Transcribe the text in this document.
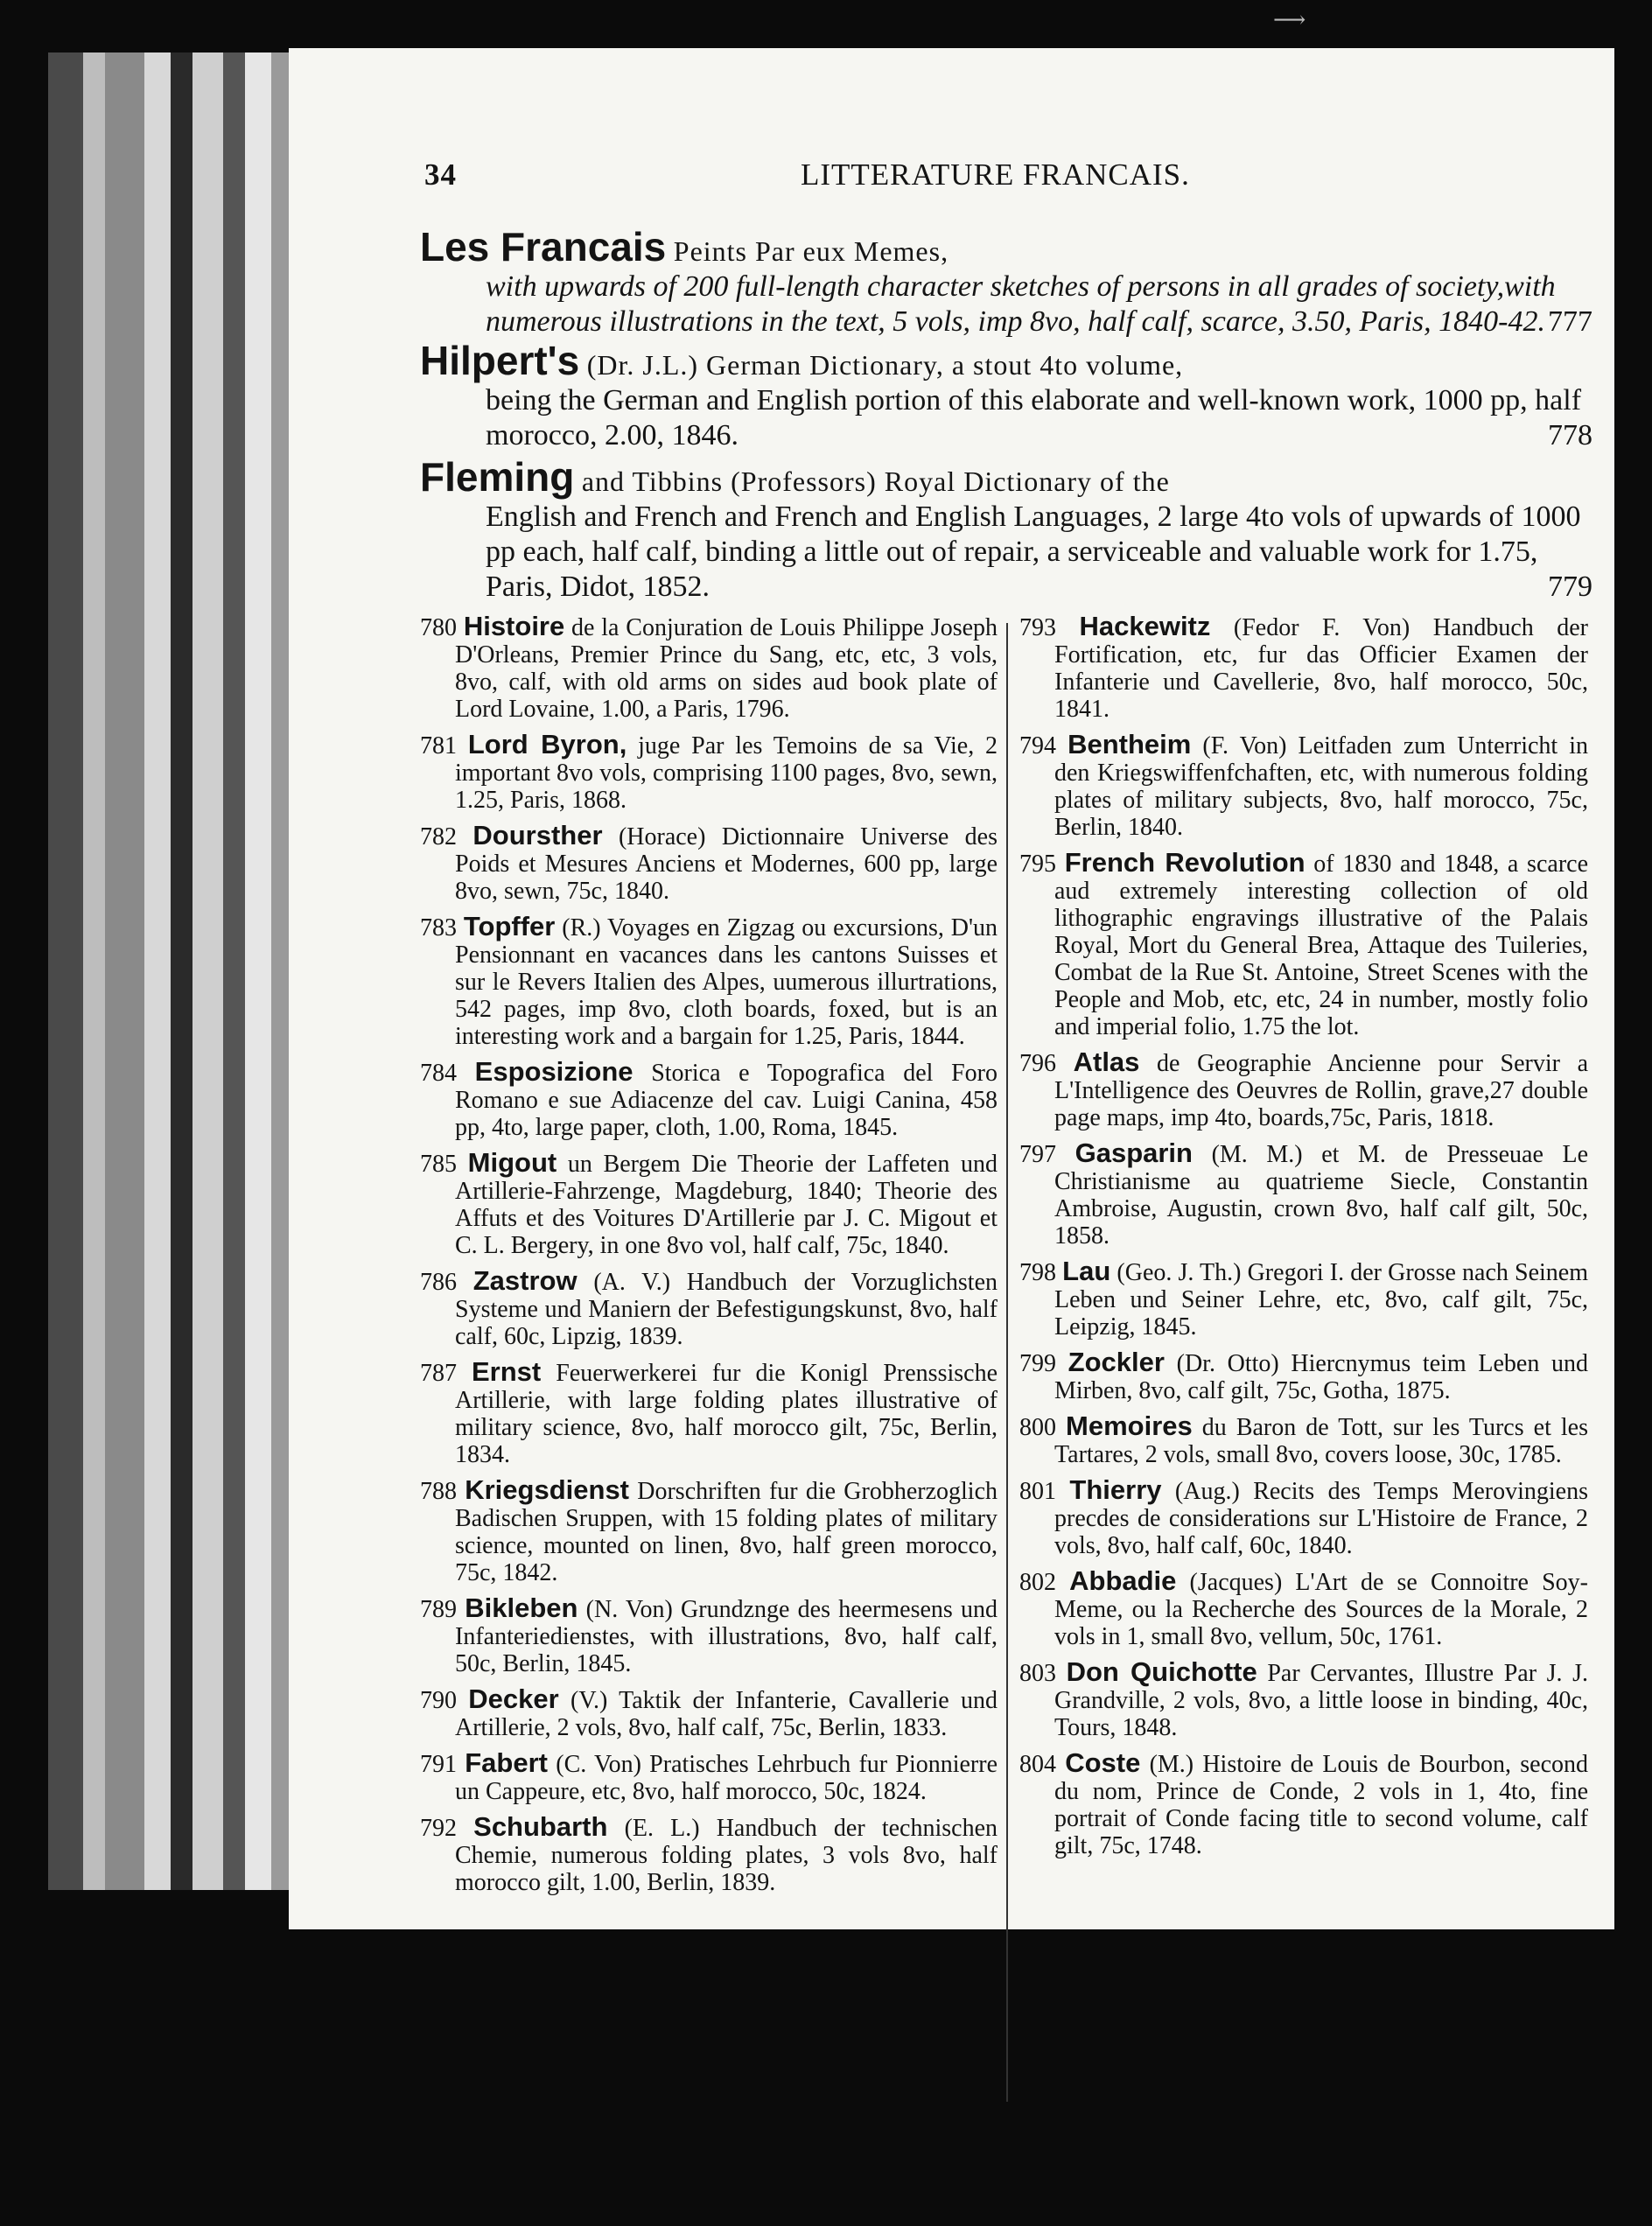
⟶
34	LITTERATURE FRANCAIS.
Les Francais Peints Par eux Memes,
with upwards of 200 full-length character sketches of persons in all grades of society,with numerous illustrations in the text, 5 vols, imp 8vo, half calf, scarce, 3.50, Paris, 1840-42. 777
Hilpert's (Dr. J.L.) German Dictionary, a stout 4to volume,
being the German and English portion of this elaborate and well-known work, 1000 pp, half morocco, 2.00, 1846.	778
Fleming and Tibbins (Professors) Royal Dictionary of the
English and French and French and English Languages, 2 large 4to vols of upwards of 1000 pp each, half calf, binding a little out of repair, a serviceable and valuable work for 1.75, Paris, Didot, 1852.	779
780 Histoire de la Conjuration de Louis Philippe Joseph D'Orleans, Premier Prince du Sang, etc, etc, 3 vols, 8vo, calf, with old arms on sides aud book plate of Lord Lovaine, 1.00, a Paris, 1796.
781 Lord Byron, juge Par les Temoins de sa Vie, 2 important 8vo vols, comprising 1100 pages, 8vo, sewn, 1.25, Paris, 1868.
782 Doursther (Horace) Dictionnaire Universe des Poids et Mesures Anciens et Modernes, 600 pp, large 8vo, sewn, 75c, 1840.
783 Topffer (R.) Voyages en Zigzag ou excursions, D'un Pensionnant en vacances dans les cantons Suisses et sur le Revers Italien des Alpes, uumerous illurtrations, 542 pages, imp 8vo, cloth boards, foxed, but is an interesting work and a bargain for 1.25, Paris, 1844.
784 Esposizione Storica e Topografica del Foro Romano e sue Adiacenze del cav. Luigi Canina, 458 pp, 4to, large paper, cloth, 1.00, Roma, 1845.
785 Migout un Bergem Die Theorie der Laffeten und Artillerie-Fahrzenge, Magdeburg, 1840; Theorie des Affuts et des Voitures D'Artillerie par J. C. Migout et C. L. Bergery, in one 8vo vol, half calf, 75c, 1840.
786 Zastrow (A. V.) Handbuch der Vorzuglichsten Systeme und Maniern der Befestigungskunst, 8vo, half calf, 60c, Lipzig, 1839.
787 Ernst Feuerwerkerei fur die Konigl Prenssische Artillerie, with large folding plates illustrative of military science, 8vo, half morocco gilt, 75c, Berlin, 1834.
788 Kriegsdienst Dorschriften fur die Grobherzoglich Badischen Sruppen, with 15 folding plates of military science, mounted on linen, 8vo, half green morocco, 75c, 1842.
789 Bikleben (N. Von) Grundznge des heermesens und Infanteriedienstes, with illustrations, 8vo, half calf, 50c, Berlin, 1845.
790 Decker (V.) Taktik der Infanterie, Cavallerie und Artillerie, 2 vols, 8vo, half calf, 75c, Berlin, 1833.
791 Fabert (C. Von) Pratisches Lehrbuch fur Pionnierre un Cappeure, etc, 8vo, half morocco, 50c, 1824.
792 Schubarth (E. L.) Handbuch der technischen Chemie, numerous folding plates, 3 vols 8vo, half morocco gilt, 1.00, Berlin, 1839.
793 Hackewitz (Fedor F. Von) Handbuch der Fortification, etc, fur das Officier Examen der Infanterie und Cavellerie, 8vo, half morocco, 50c, 1841.
794 Bentheim (F. Von) Leitfaden zum Unterricht in den Kriegswiffenfchaften, etc, with numerous folding plates of military subjects, 8vo, half morocco, 75c, Berlin, 1840.
795 French Revolution of 1830 and 1848, a scarce aud extremely interesting collection of old lithographic engravings illustrative of the Palais Royal, Mort du General Brea, Attaque des Tuileries, Combat de la Rue St. Antoine, Street Scenes with the People and Mob, etc, etc, 24 in number, mostly folio and imperial folio, 1.75 the lot.
796 Atlas de Geographie Ancienne pour Servir a L'Intelligence des Oeuvres de Rollin, grave,27 double page maps, imp 4to, boards,75c, Paris, 1818.
797 Gasparin (M. M.) et M. de Presseuae Le Christianisme au quatrieme Siecle, Constantin Ambroise, Augustin, crown 8vo, half calf gilt, 50c, 1858.
798 Lau (Geo. J. Th.) Gregori I. der Grosse nach Seinem Leben und Seiner Lehre, etc, 8vo, calf gilt, 75c, Leipzig, 1845.
799 Zockler (Dr. Otto) Hiercnymus teim Leben und Mirben, 8vo, calf gilt, 75c, Gotha, 1875.
800 Memoires du Baron de Tott, sur les Turcs et les Tartares, 2 vols, small 8vo, covers loose, 30c, 1785.
801 Thierry (Aug.) Recits des Temps Merovingiens precdes de considerations sur L'Histoire de France, 2 vols, 8vo, half calf, 60c, 1840.
802 Abbadie (Jacques) L'Art de se Connoitre Soy-Meme, ou la Recherche des Sources de la Morale, 2 vols in 1, small 8vo, vellum, 50c, 1761.
803 Don Quichotte Par Cervantes, Illustre Par J. J. Grandville, 2 vols, 8vo, a little loose in binding, 40c, Tours, 1848.
804 Coste (M.) Histoire de Louis de Bourbon, second du nom, Prince de Conde, 2 vols in 1, 4to, fine portrait of Conde facing title to second volume, calf gilt, 75c, 1748.
